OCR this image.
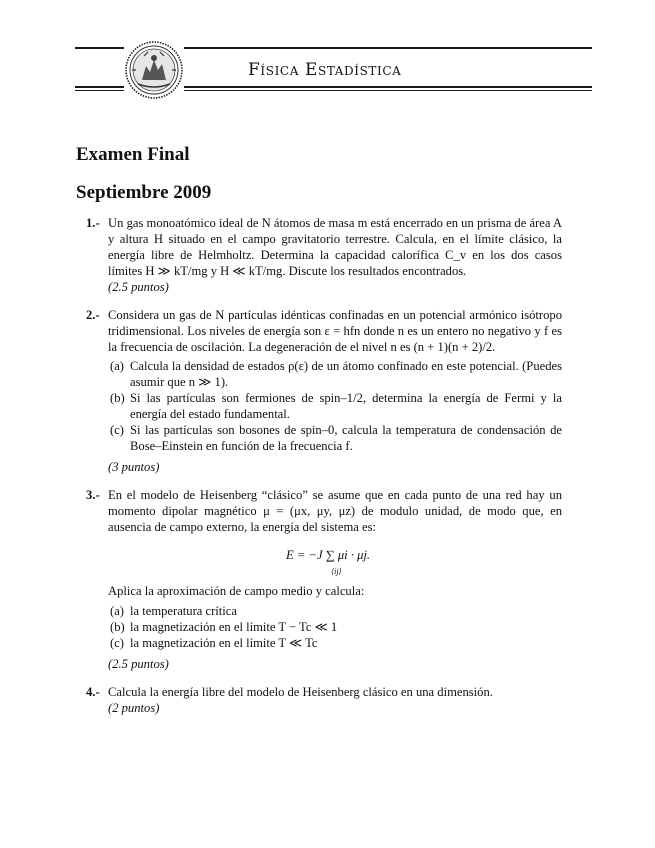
Física Estadística
Examen Final
Septiembre 2009
1.- Un gas monoatómico ideal de N átomos de masa m está encerrado en un prisma de área A y altura H situado en el campo gravitatorio terrestre. Calcula, en el límite clásico, la energía libre de Helmholtz. Determina la capacidad calorífica C_v en los dos casos límites H ≫ kT/mg y H ≪ kT/mg. Discute los resultados encontrados.

(2.5 puntos)
2.- Considera un gas de N partículas idénticas confinadas en un potencial armónico isótropo tridimensional. Los niveles de energía son ε = hfn donde n es un entero no negativo y f es la frecuencia de oscilación. La degeneración de el nivel n es (n + 1)(n + 2)/2.

(a) Calcula la densidad de estados ρ(ε) de un átomo confinado en este potencial. (Puedes asumir que n ≫ 1).
(b) Si las partículas son fermiones de spin–1/2, determina la energía de Fermi y la energía del estado fundamental.
(c) Si las partículas son bosones de spin–0, calcula la temperatura de condensación de Bose–Einstein en función de la frecuencia f.
(3 puntos)
3.- En el modelo de Heisenberg “clásico” se asume que en cada punto de una red hay un momento dipolar magnético μ = (μx, μy, μz) de modulo unidad, de modo que, en ausencia de campo externo, la energía del sistema es:

E = −J ∑ μi · μj.
⟨ij⟩

Aplica la aproximación de campo medio y calcula:

(a) la temperatura crítica
(b) la magnetización en el límite T − Tc ≪ 1
(c) la magnetización en el límite T ≪ Tc
(2.5 puntos)
4.- Calcula la energía libre del modelo de Heisenberg clásico en una dimensión.

(2 puntos)
